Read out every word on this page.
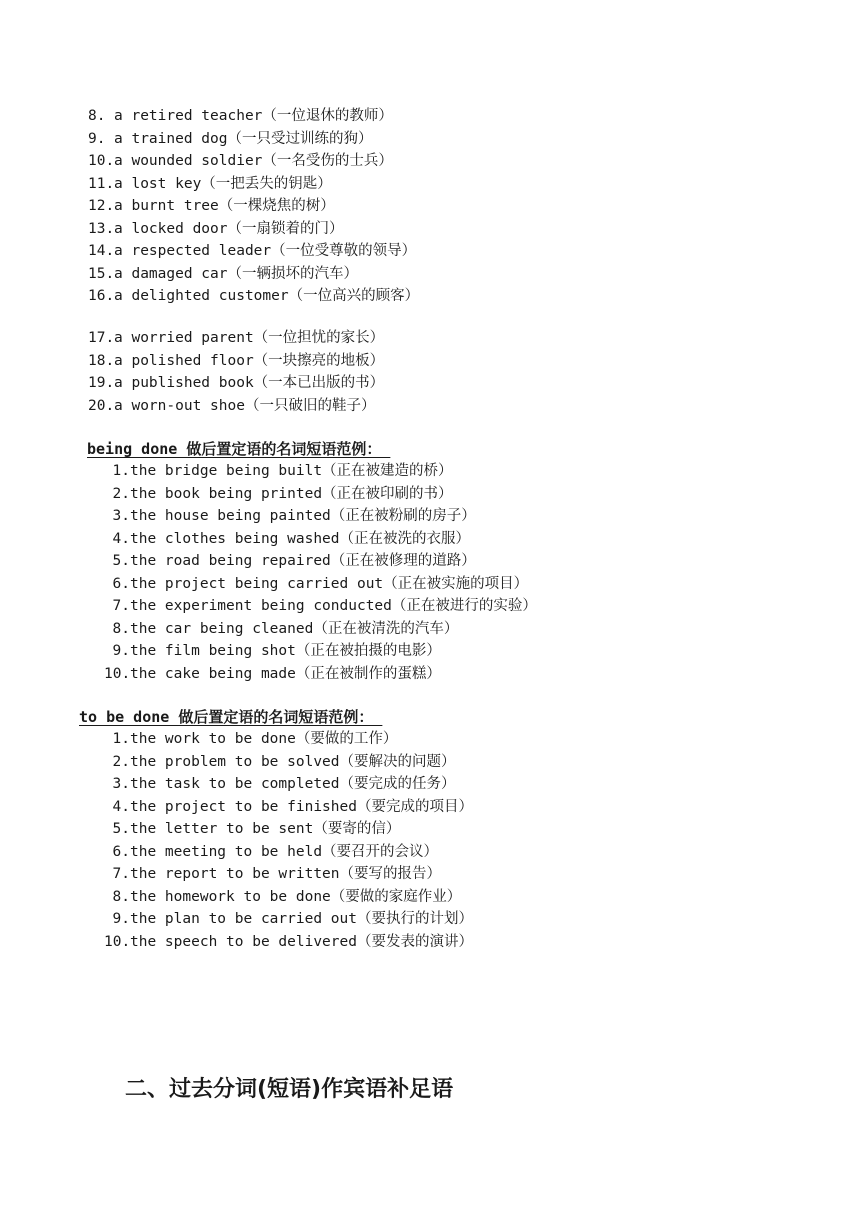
8. a retired teacher（一位退休的教师）
9. a trained dog（一只受过训练的狗）
10.a wounded soldier（一名受伤的士兵）
11.a lost key（一把丢失的钥匙）
12.a burnt tree（一棵烧焦的树）
13.a locked door（一扇锁着的门）
14.a respected leader（一位受尊敬的领导）
15.a damaged car（一辆损坏的汽车）
16.a delighted customer（一位高兴的顾客）
17.a worried parent（一位担忧的家长）
18.a polished floor（一块擦亮的地板）
19.a published book（一本已出版的书）
20.a worn-out shoe（一只破旧的鞋子）
being done 做后置定语的名词短语范例：
1.the bridge being built（正在被建造的桥）
2.the book being printed（正在被印刷的书）
3.the house being painted（正在被粉刷的房子）
4.the clothes being washed（正在被洗的衣服）
5.the road being repaired（正在被修理的道路）
6.the project being carried out（正在被实施的项目）
7.the experiment being conducted（正在被进行的实验）
8.the car being cleaned（正在被清洗的汽车）
9.the film being shot（正在被拍摄的电影）
10.the cake being made（正在被制作的蛋糕）
to be done 做后置定语的名词短语范例：
1.the work to be done（要做的工作）
2.the problem to be solved（要解决的问题）
3.the task to be completed（要完成的任务）
4.the project to be finished（要完成的项目）
5.the letter to be sent（要寄的信）
6.the meeting to be held（要召开的会议）
7.the report to be written（要写的报告）
8.the homework to be done（要做的家庭作业）
9.the plan to be carried out（要执行的计划）
10.the speech to be delivered（要发表的演讲）
二、过去分词(短语)作宾语补足语
